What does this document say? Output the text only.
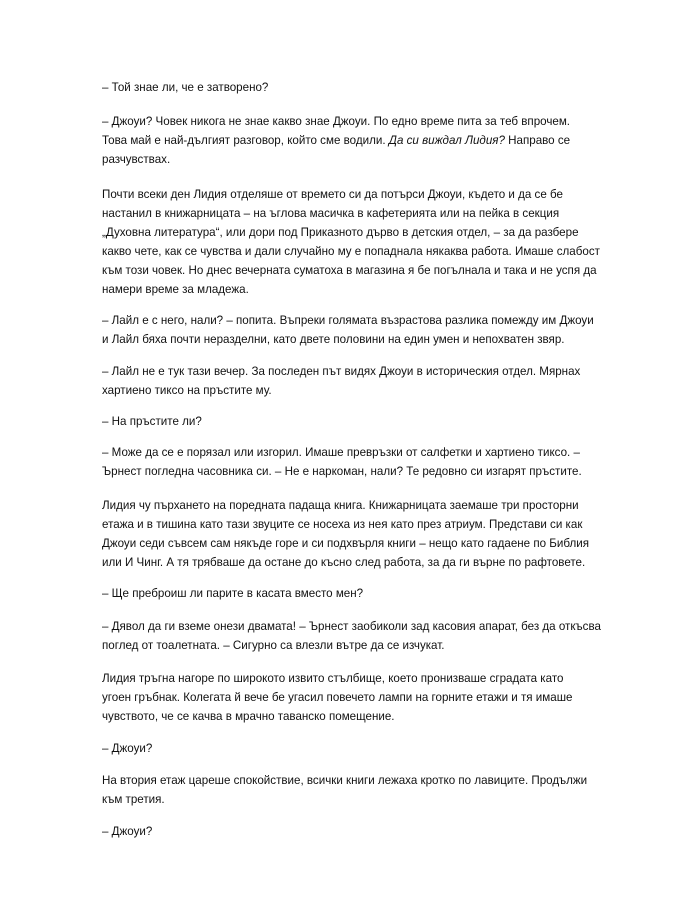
– Той знае ли, че е затворено?

– Джоуи? Човек никога не знае какво знае Джоуи. По едно време пита за теб впрочем.
Това май е най-дългият разговор, който сме водили. Да си виждал Лидия? Направо се
разчувствах.

Почти всеки ден Лидия отделяше от времето си да потърси Джоуи, където и да се бе
настанил в книжарницата – на ъглова масичка в кафетерията или на пейка в секция
„Духовна литература“, или дори под Приказното дърво в детския отдел, – за да разбере
какво чете, как се чувства и дали случайно му е попаднала някаква работа. Имаше слабост
към този човек. Но днес вечерната суматоха в магазина я бе погълнала и така и не успя да
намери време за младежа.

– Лайл е с него, нали? – попита. Въпреки голямата възрастова разлика помежду им Джоуи
и Лайл бяха почти неразделни, като двете половини на един умен и непохватен звяр.

– Лайл не е тук тази вечер. За последен път видях Джоуи в историческия отдел. Мярнах
хартиено тиксо на пръстите му.

– На пръстите ли?

– Може да се е порязал или изгорил. Имаше превръзки от салфетки и хартиено тиксо. –
Ърнест погледна часовника си. – Не е наркоман, нали? Те редовно си изгарят пръстите.

Лидия чу пърхането на поредната падаща книга. Книжарницата заемаше три просторни
етажа и в тишина като тази звуците се носеха из нея като през атриум. Представи си как
Джоуи седи съвсем сам някъде горе и си подхвърля книги – нещо като гадаене по Библия
или И Чинг. А тя трябваше да остане до късно след работа, за да ги върне по рафтовете.

– Ще преброиш ли парите в касата вместо мен?

– Дявол да ги вземе онези двамата! – Ърнест заобиколи зад касовия апарат, без да откъсва
поглед от тоалетната. – Сигурно са влезли вътре да се изчукат.

Лидия тръгна нагоре по широкото извито стълбище, което пронизваше сградата като
угоен гръбнак. Колегата й вече бе угасил повечето лампи на горните етажи и тя имаше
чувството, че се качва в мрачно таванско помещение.

– Джоуи?

На втория етаж цареше спокойствие, всички книги лежаха кротко по лавиците. Продължи
към третия.

– Джоуи?
